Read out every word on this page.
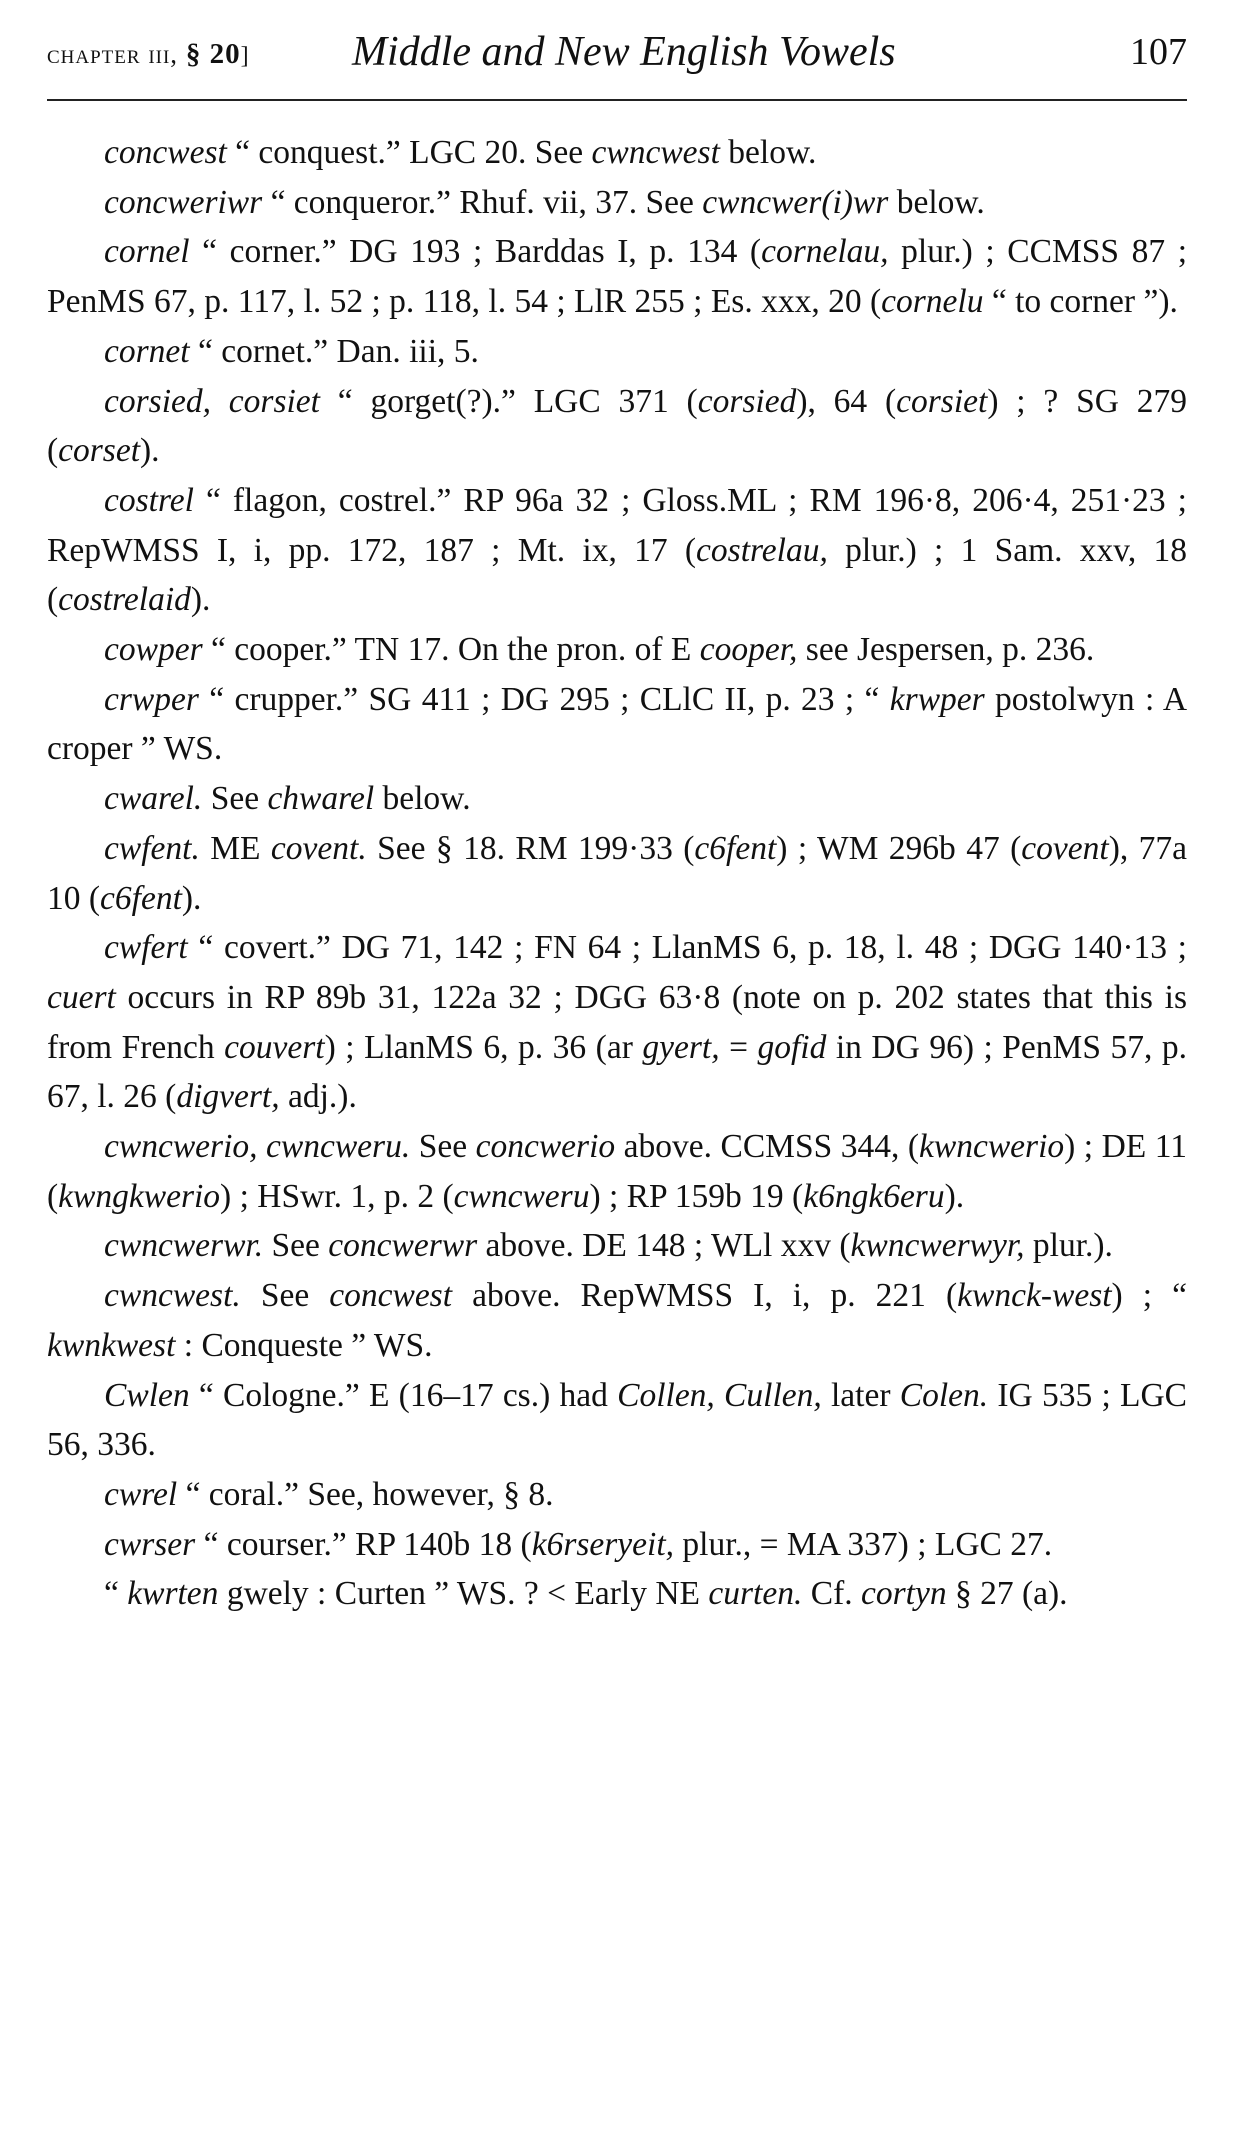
chapter iii, § 20] Middle and New English Vowels	107

concwest “ conquest.” LGC 20. See cwncwest below.

concweriwr “ conqueror.” Rhuf. vii, 37. See cwncwer(i)wr below.

cornel “ corner.” DG 193 ; Barddas I, p. 134 (cornelau, plur.) ; CCMSS 87 ; PenMS 67, p. 117, l. 52 ; p. 118, l. 54 ; LlR 255 ; Es. xxx, 20 (cornelu “ to corner ”).

cornet “ cornet.” Dan. iii, 5.

corsied, corsiet “ gorget(?).” LGC 371 (corsied), 64 (corsiet) ; ? SG 279 (corset).

costrel “ flagon, costrel.” RP 96a 32 ; Gloss.ML ; RM 196·8, 206·4, 251·23 ; RepWMSS I, i, pp. 172, 187 ; Mt. ix, 17 (costrelau, plur.) ; 1 Sam. xxv, 18 (costrelaid).

cowper “ cooper.” TN 17. On the pron. of E cooper, see Jespersen, p. 236.

crwper “ crupper.” SG 411 ; DG 295 ; CLlC II, p. 23 ; “ krwper postolwyn : A croper ” WS.

cwarel. See chwarel below.

cwfent. ME covent. See § 18. RM 199·33 (c6fent) ; WM 296b 47 (covent), 77a 10 (c6fent).

cwfert “ covert.” DG 71, 142 ; FN 64 ; LlanMS 6, p. 18, l. 48 ; DGG 140·13 ; cuert occurs in RP 89b 31, 122a 32 ; DGG 63·8 (note on p. 202 states that this is from French couvert) ; LlanMS 6, p. 36 (ar gyert, = gofid in DG 96) ; PenMS 57, p. 67, l. 26 (digvert, adj.).

cwncwerio, cwncweru. See concwerio above. CCMSS 344, (kwncwerio) ; DE 11 (kwngkwerio) ; HSwr. 1, p. 2 (cwncweru) ; RP 159b 19 (k6ngk6eru).

cwncwerwr. See concwerwr above. DE 148 ; WLl xxv (kwncwerwyr, plur.).

cwncwest. See concwest above. RepWMSS I, i, p. 221 (kwnck-west) ; “ kwnkwest : Conqueste ” WS.

Cwlen “ Cologne.” E (16–17 cs.) had Collen, Cullen, later Colen. IG 535 ; LGC 56, 336.

cwrel “ coral.” See, however, § 8.

cwrser “ courser.” RP 140b 18 (k6rseryeit, plur., = MA 337) ; LGC 27.

“ kwrten gwely : Curten ” WS. ? < Early NE curten. Cf. cortyn § 27 (a).
